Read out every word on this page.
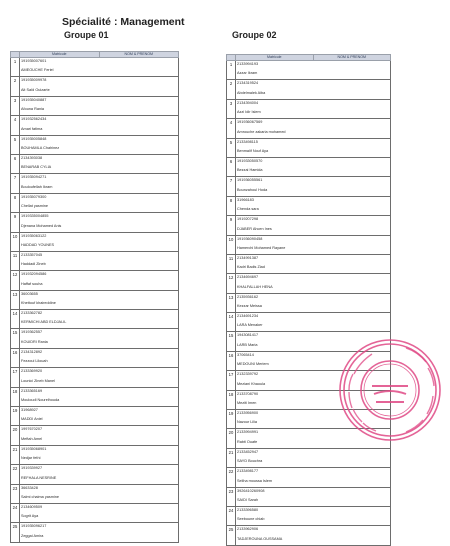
Spécialité : Management
Groupe 01	Groupe 02
	Matricule	NOM & PRENOM
1	191935007601
AMEOUCHE Feriel	

2	191935009978
Ait Saïd Ouizarte	

3	191935040887
Afouna Rania	

4	191932562434
Amari fatima	

5	191935005848
BOUHAMLA Chahinez	

6	2134393038
BENARAB CYLIA	

7	191935094271
Bouloufellah Ikram	

8	191935079300
Chellat yasmine	

9	1919335004855
Djenana Mohamed Anis	

10	191935063122
HADDAD YOUNES	

11	2133357045
Haddadi Zineb	

12	191932094586
Haffaf souha	

13	36003655
Khettouf khaireddine	

14	2133362782
KERMICHI ABD ELDJALIL	

15	1919362557
KOUIDRI Rania	

16	2134312892
Fezzoui Lilouah	

17	2133369920
Lounici Zineb Manel	

18	2133365169
Mouloudi Nourelhouda	

19	31968927
MADDI Aniel	

20	1997670207
Meftah Amel	

21	191935068901
Nedjar fethi	

22	1919339927
REFHALA NESRINE	

23	36633428
Salmi chaima yasmine	

24	2134609509
Sogrit Aya	

25	191935096217
Zeggai Amira	
	Matricule	NOM & PRENOM
1	2133994193
Azzar Ikram	

2	2134319524
Abdelmalek Aiba	

3	2134394004
Azzi Idir Islem	

4	191936067569
Amrouche zakaria mohamed	

5	2133498115
Benmalif Nouf Aya	

6	191933050570
Bezzai Hamida	

7	191936055561
Bounzahoul Hoda	

8	31966183
Chenda sara	

9	1919207298
DJABER Ahcen Ines	

10	191936090458
Hamerchi Mohamed Rayane	

11	2134991387
Kadri Badis Ziad	

12	2134694697
KHALFALLAH HENA	

13	2135936162
Kezzar Meissa	

14	2134691234
LARA Menaker	

15	1943081417
LARB Maria	

16	37065414
MEDOUNI Meriem	

17	2132339792
Meziani Khaoula	

18	2133708790
Meziti Imen	

19	2133956900
Nazour Lilia	

20	2133994991
Rabti Ouafe	

21	2133452947
SAYD Bouchra	

22	2133498177
Seliha moussa Islem	

23	3926410260908
SAIDI Sarah	

24	2133396580
Seeboune chiab	

25	2133962906
TADJEROUNA OUSSAMA	
